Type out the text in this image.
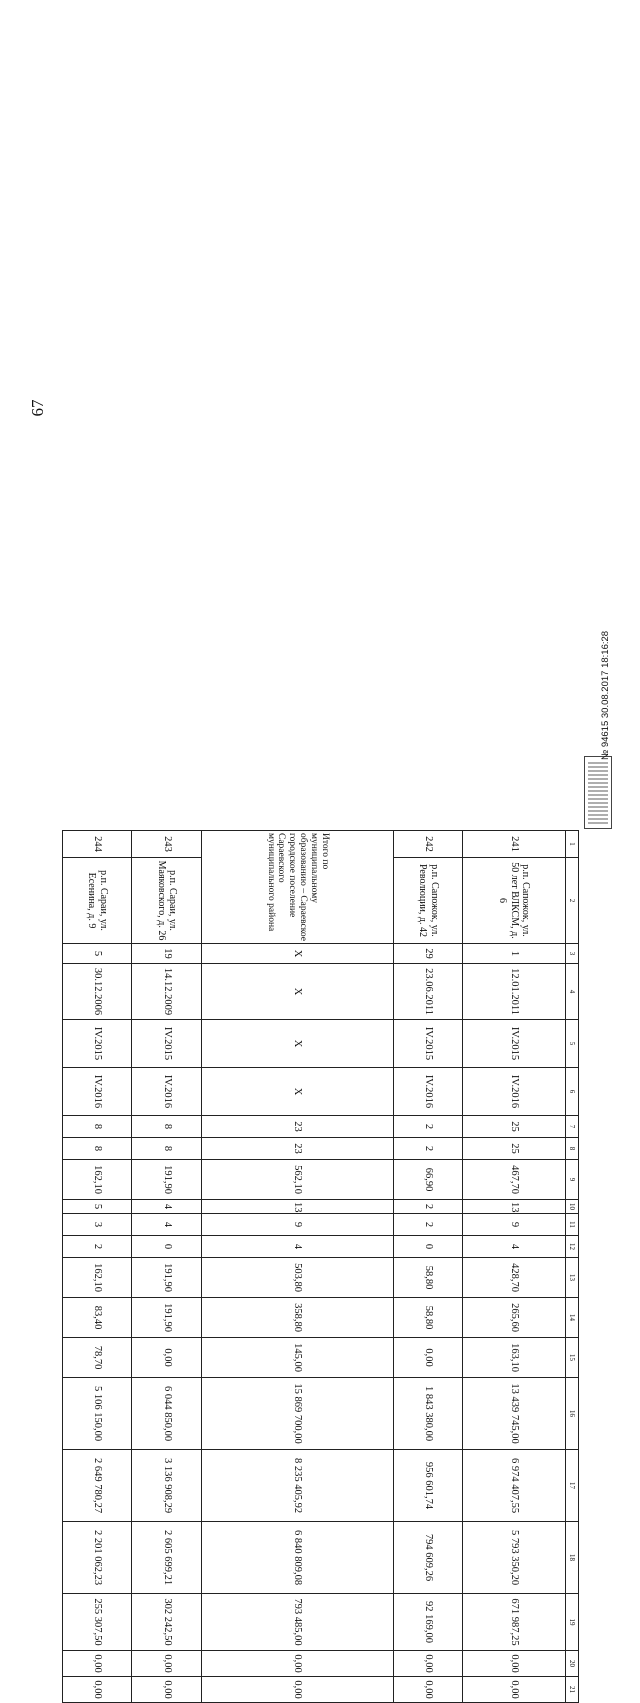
67
1	2	3	4	5	6	7	8	9	10	11	12	13	14	15	16	17	18	19	20	21
241	р.п. Сапожок, ул. 50 лет ВЛКСМ, д. 6	1	12.01.2011	IV.2015	IV.2016	25	25	467,70	13	9	4	428,70	265,60	163,10	13 439 745,00	6 974 407,55	5 793 350,20	671 987,25	0,00	0,00
242	р.п. Сапожок, ул. Революции, д. 42	29	23.06.2011	IV.2015	IV.2016	2	2	66,90	2	2	0	58,80	58,80	0,00	1 843 380,00	956 601,74	794 609,26	92 169,00	0,00	0,00
Итого по муниципальному образованию – Сараевское городское поселение Сараевского муниципального района		X	X	X	X	23	23	562,10	13	9	4	503,80	358,80	145,00	15 869 700,00	8 235 405,92	6 840 809,08	793 485,00	0,00	0,00
243	р.п. Сараи, ул. Маяковского, д. 26	19	14.12.2009	IV.2015	IV.2016	8	8	191,90	4	4	0	191,90	191,90	0,00	6 044 850,00	3 136 908,29	2 605 699,21	302 242,50	0,00	0,00
244	р.п. Сараи, ул. Есенина, д. 9	5	30.12.2006	IV.2015	IV.2016	8	8	162,10	5	3	2	162,10	83,40	78,70	5 106 150,00	2 649 780,27	2 201 062,23	255 307,50	0,00	0,00
№ 94615 30.08.2017 18:16:28
